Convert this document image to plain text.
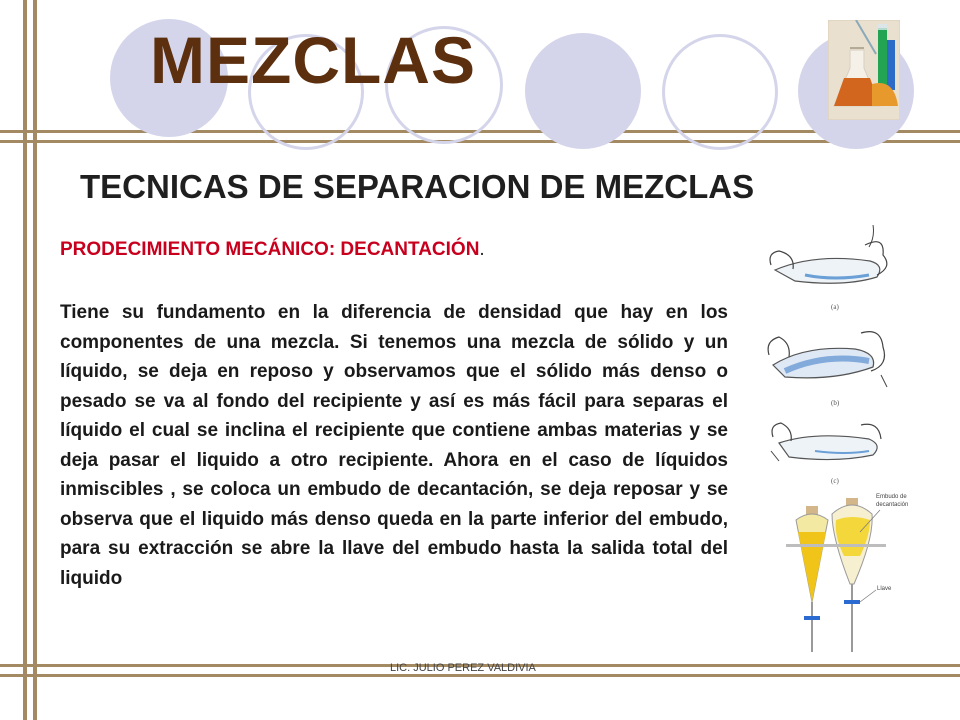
MEZCLAS
TECNICAS DE SEPARACION DE MEZCLAS

PRODECIMIENTO MECÁNICO: DECANTACIÓN.

Tiene su fundamento en la diferencia de densidad que hay en los componentes de una mezcla. Si tenemos una mezcla de sólido y un líquido, se deja en reposo y observamos que el sólido más denso o pesado se va al fondo del recipiente y así es más fácil para separas el líquido el cual se inclina el recipiente que contiene ambas materias y se deja pasar el liquido a otro recipiente. Ahora en el caso de líquidos inmiscibles , se coloca un embudo de decantación, se deja reposar y se observa que el liquido más denso queda en la parte inferior del embudo, para su extracción se abre la llave del embudo hasta la salida total del liquido

(a)
(b)
(c)
Embudo de
decantación
Llave
LIC. JULIO PEREZ VALDIVIA
